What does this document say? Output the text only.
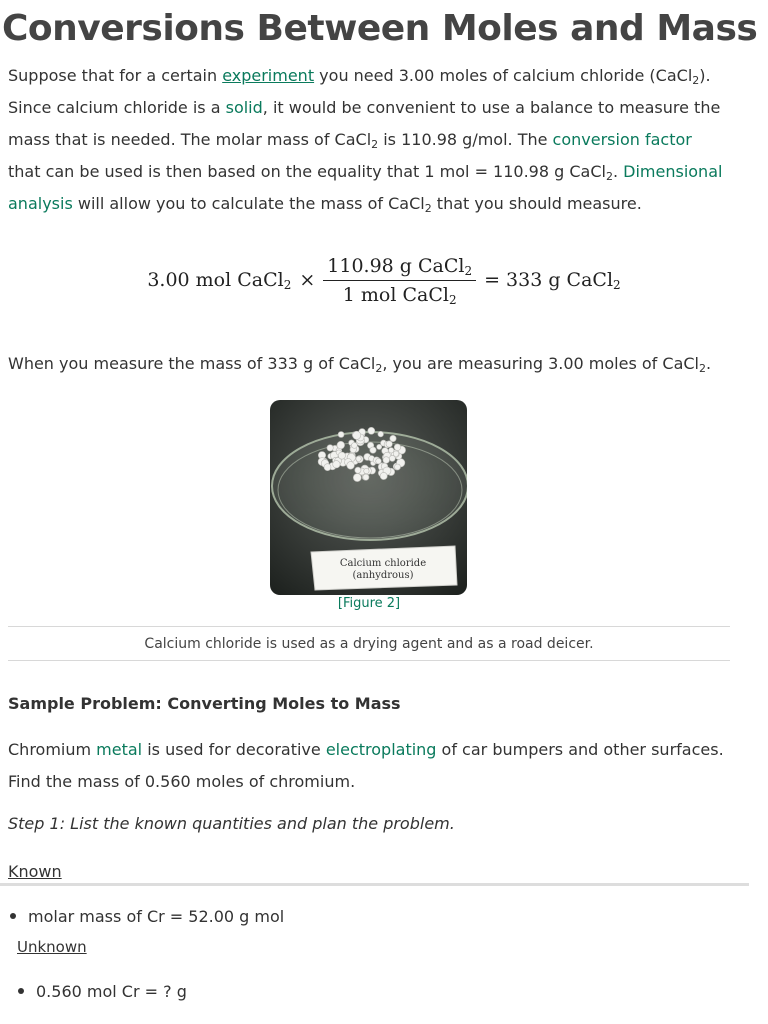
Conversions Between Moles and Mass

Suppose that for a certain experiment you need 3.00 moles of calcium chloride (CaCl$_2$). Since calcium chloride is a solid, it would be convenient to use a balance to measure the mass that is needed. The molar mass of CaCl$_2$ is 110.98 g/mol. The conversion factor that can be used is then based on the equality that 1 mol = 110.98 g CaCl$_2$. Dimensional analysis will allow you to calculate the mass of CaCl$_2$ that you should measure.

3.00 mol CaCl$_2$ × $\frac{110.98 g CaCl_2}{1 mol CaCl_2} = 333$ g CaCl$_2$

When you measure the mass of 333 g of CaCl$_2$, you are measuring 3.00 moles of CaCl$_2$.

Calcium chloride
(anhydrous)
[Figure 2]
Calcium chloride is used as a drying agent and as a road deicer.
Sample Problem: Converting Moles to Mass

Chromium metal is used for decorative electroplating of car bumpers and other surfaces. Find the mass of 0.560 moles of chromium.

Step 1: List the known quantities and plan the problem.

Known
molar mass of Cr = 52.00 g mol
Unknown
0.560 mol Cr = ? g
